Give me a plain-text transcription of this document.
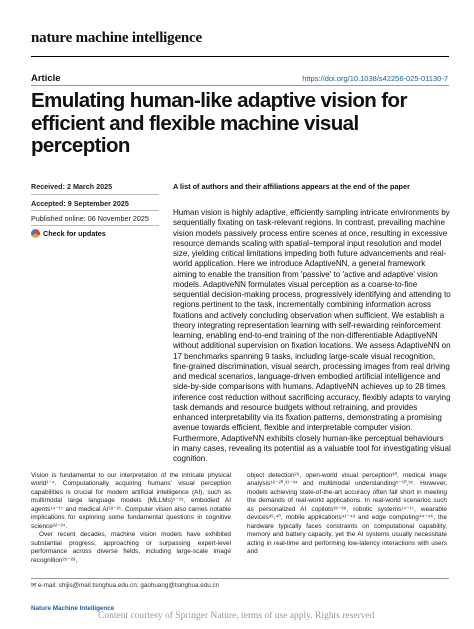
nature machine intelligence
Article	https://doi.org/10.1038/s42256-025-01130-7
Emulating human-like adaptive vision for efficient and flexible machine visual perception
Received: 2 March 2025
Accepted: 9 September 2025
Published online: 06 November 2025
Check for updates
A list of authors and their affiliations appears at the end of the paper
Human vision is highly adaptive, efficiently sampling intricate environments by sequentially fixating on task-relevant regions. In contrast, prevailing machine vision models passively process entire scenes at once, resulting in excessive resource demands scaling with spatial–temporal input resolution and model size, yielding critical limitations impeding both future advancements and real-world application. Here we introduce AdaptiveNN, a general framework aiming to enable the transition from 'passive' to 'active and adaptive' vision models. AdaptiveNN formulates visual perception as a coarse-to-fine sequential decision-making process, progressively identifying and attending to regions pertinent to the task, incrementally combining information across fixations and actively concluding observation when sufficient. We establish a theory integrating representation learning with self-rewarding reinforcement learning, enabling end-to-end training of the non-differentiable AdaptiveNN without additional supervision on fixation locations. We assess AdaptiveNN on 17 benchmarks spanning 9 tasks, including large-scale visual recognition, fine-grained discrimination, visual search, processing images from real driving and medical scenarios, language-driven embodied artificial intelligence and side-by-side comparisons with humans. AdaptiveNN achieves up to 28 times inference cost reduction without sacrificing accuracy, flexibly adapts to varying task demands and resource budgets without retraining, and provides enhanced interpretability via its fixation patterns, demonstrating a promising avenue towards efficient, flexible and interpretable computer vision. Furthermore, AdaptiveNN exhibits closely human-like perceptual behaviours in many cases, revealing its potential as a valuable tool for investigating visual cognition.

Vision is fundamental to our interpretation of the intricate physical world¹⁻⁴. Computationally acquiring humans' visual perception capabilities is crucial for modern artificial intelligence (AI), such as multimodal large language models (MLLMs)⁵⁻¹³, embodied AI agents¹⁴⁻¹⁷ and medical AI¹⁸⁻²¹. Computer vision also carries notable implications for exploring some fundamental questions in cognitive science²²⁻²⁴.

Over recent decades, machine vision models have exhibited substantial progress, approaching or surpassing expert-level performance across diverse fields, including large-scale image recognition²⁵⁻²⁸,

object detection²⁹, open-world visual perception³⁰, medical image analysis¹⁸⁻²⁰,³¹⁻³⁴ and multimodal understanding⁵⁻¹⁰,³⁵. However, models achieving state-of-the-art accuracy often fall short in meeting the demands of real-world applications. In real-world scenarios such as personalized AI copilots³⁶⁻³⁸, robotic systems¹⁴⁻¹⁷, wearable devices³⁹,⁴⁰, mobile applications⁴¹⁻⁴³ and edge computing⁴⁴⁻⁴⁶, the hardware typically faces constraints on computational capability, memory and battery capacity, yet the AI systems usually necessitate acting in real-time and performing low-latency interactions with users and

✉ e-mail: shijis@mail.tsinghua.edu.cn; gaohuang@tsinghua.edu.cn
Nature Machine Intelligence
Content courtesy of Springer Nature, terms of use apply. Rights reserved
